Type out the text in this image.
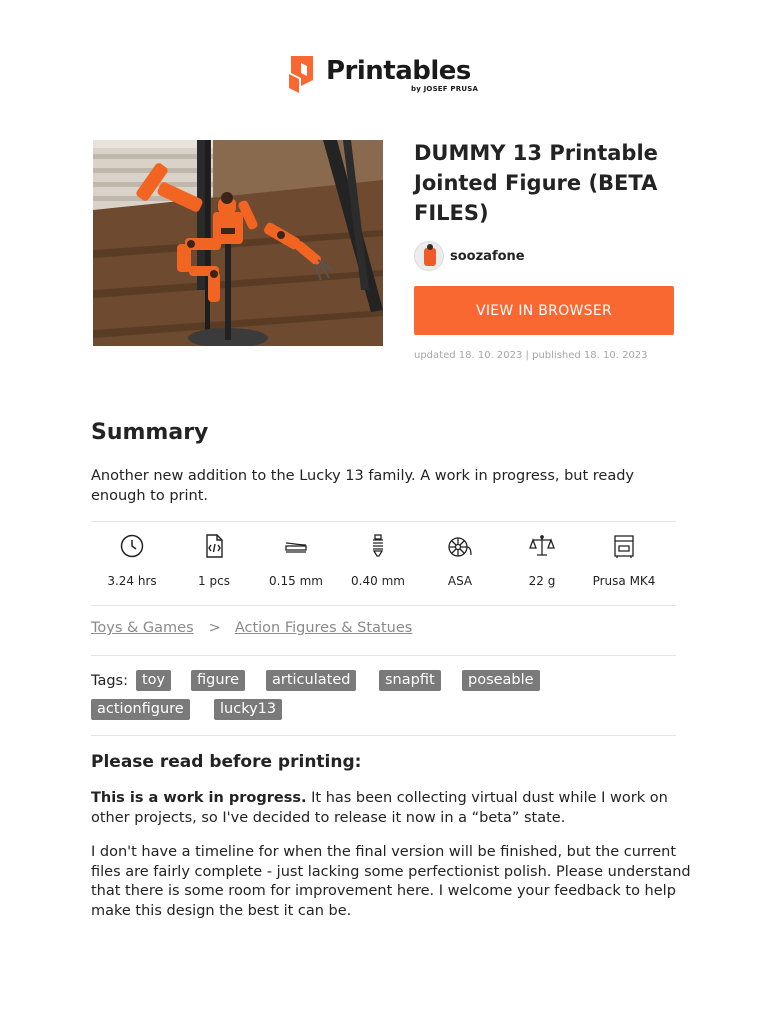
Printables
by JOSEF PRUSA
DUMMY 13 Printable Jointed Figure (BETA FILES)
soozafone
VIEW IN BROWSER
updated 18. 10. 2023 | published 18. 10. 2023
Summary
Another new addition to the Lucky 13 family. A work in progress, but ready enough to print.
3.24 hrs	1 pcs	0.15 mm	0.40 mm	ASA	22 g	Prusa MK4
Toys & Games > Action Figures & Statues
Tags: toy	figure	articulated	snapfit	poseable
actionfigure	lucky13
Please read before printing:
This is a work in progress. It has been collecting virtual dust while I work on other projects, so I've decided to release it now in a “beta” state.
I don't have a timeline for when the final version will be finished, but the current files are fairly complete - just lacking some perfectionist polish. Please understand that there is some room for improvement here. I welcome your feedback to help make this design the best it can be.
